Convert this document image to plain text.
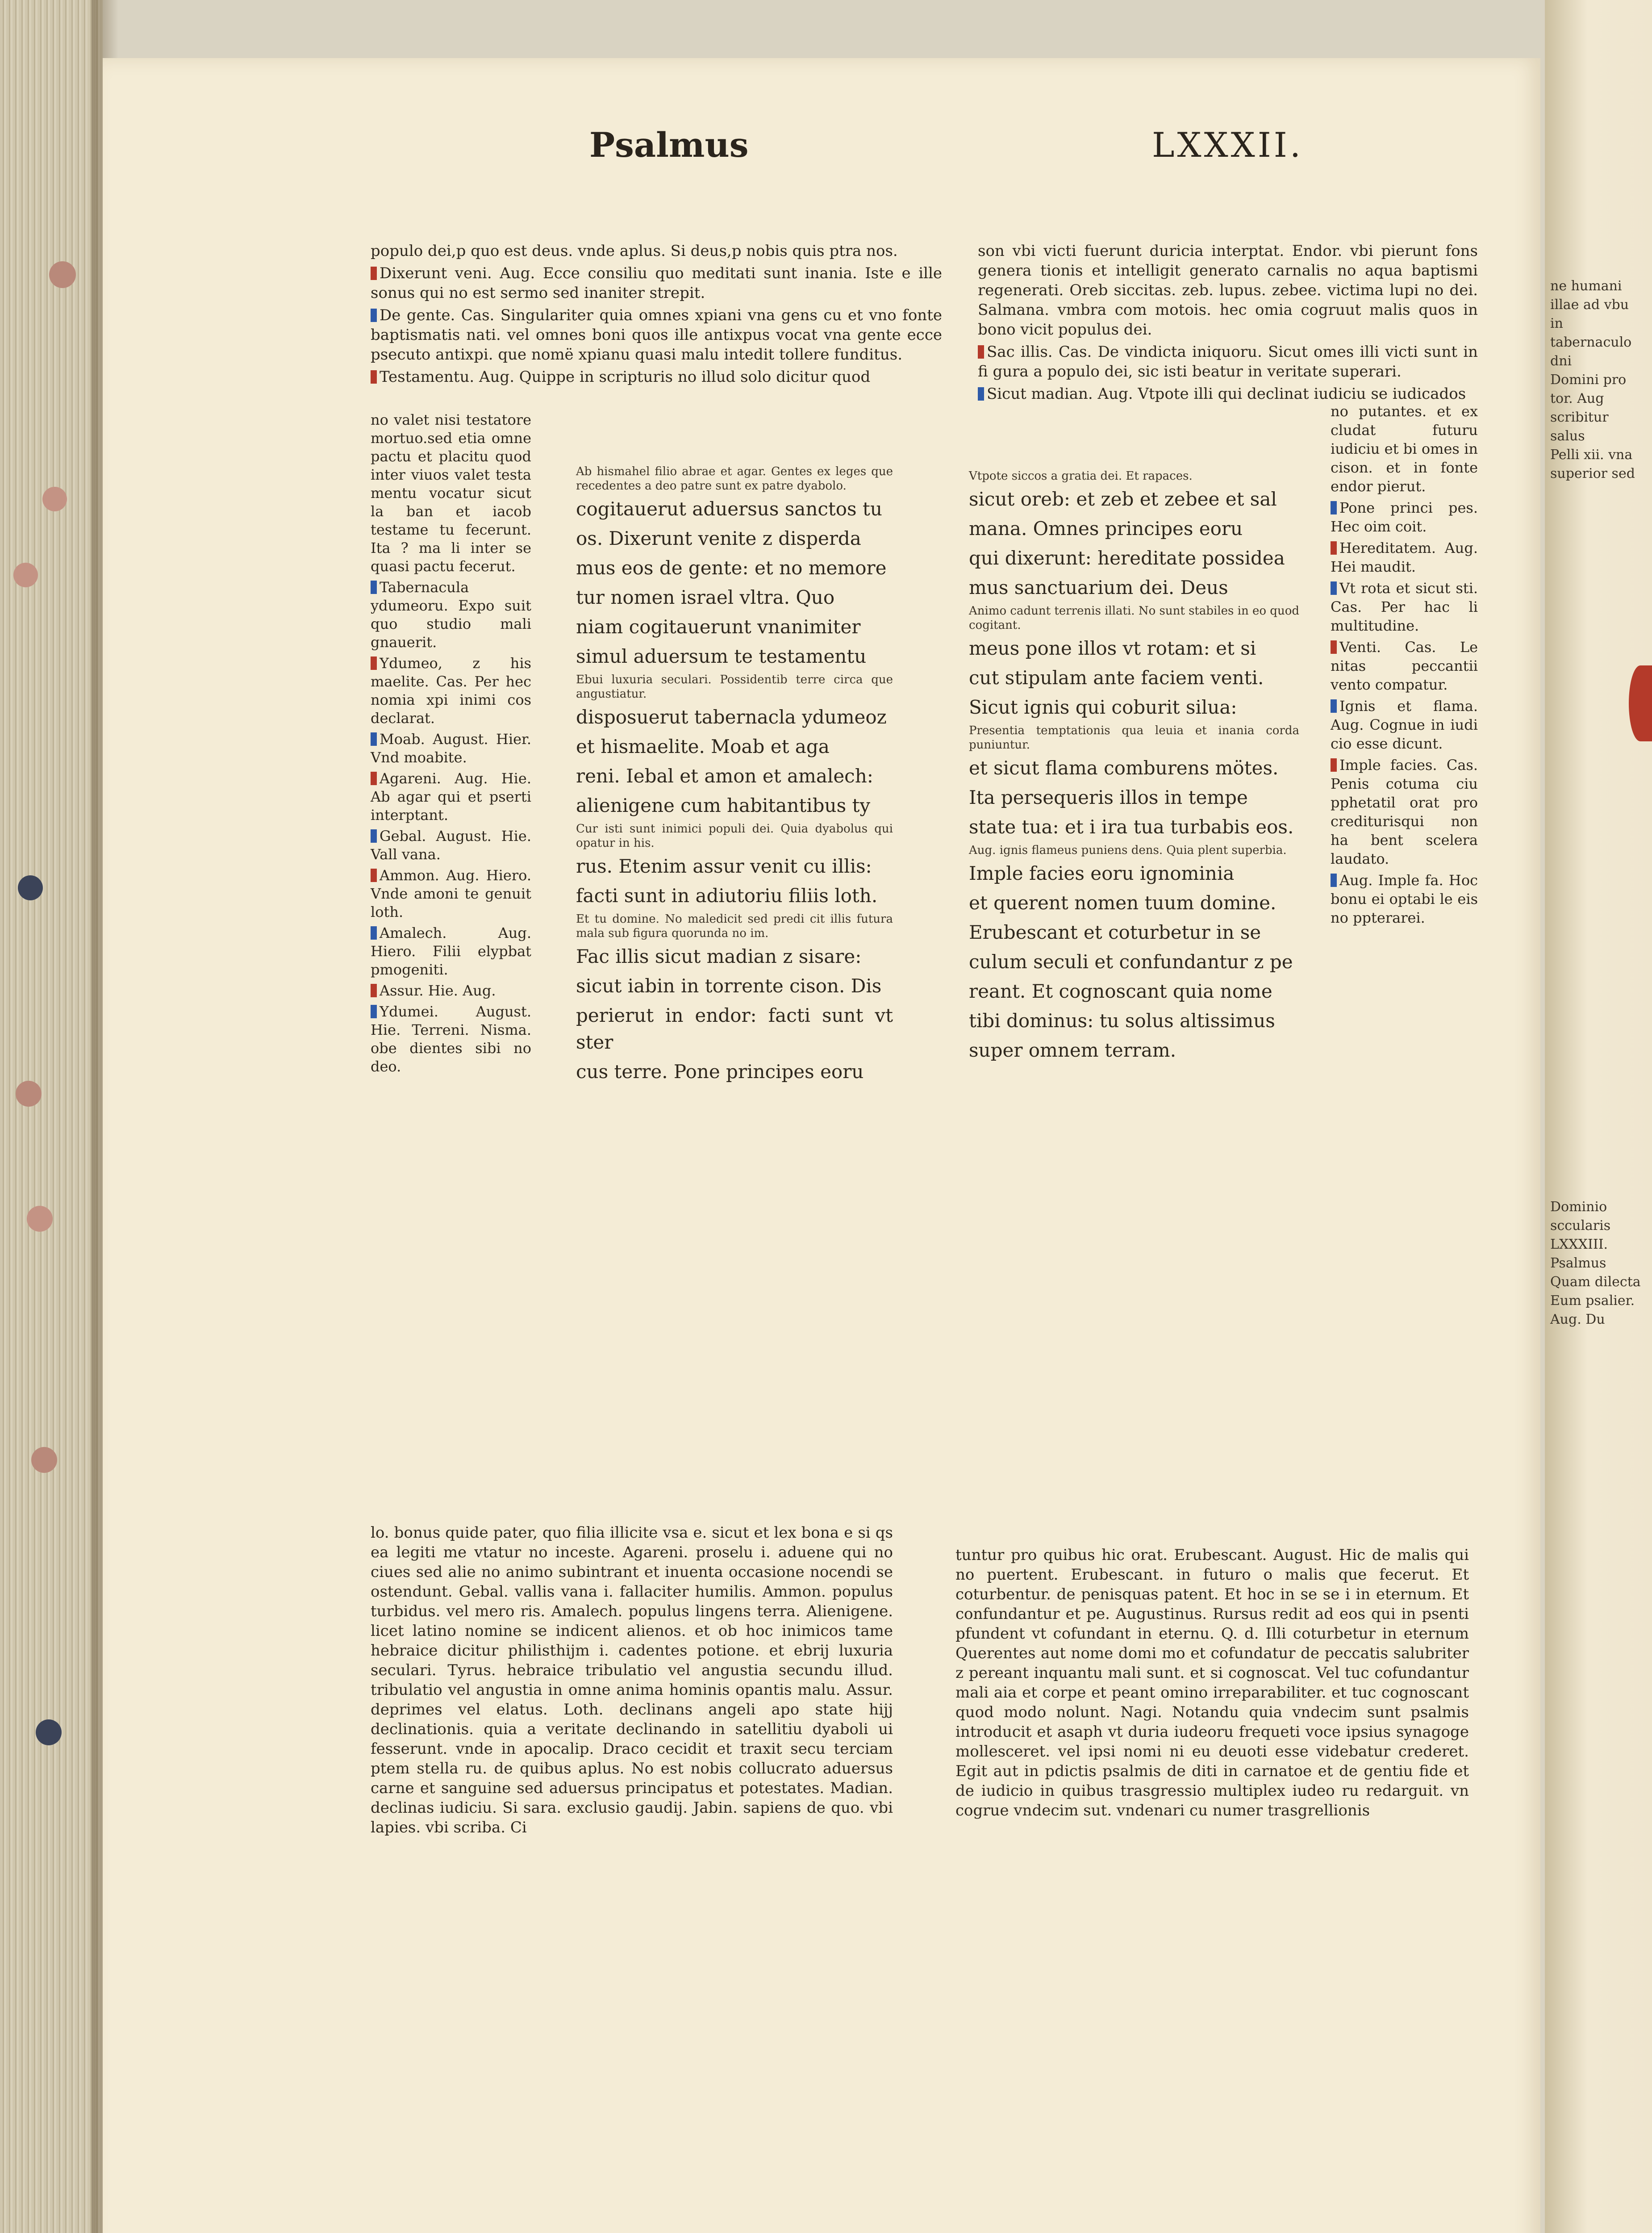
Psalmus	LXXXII.

populo dei,p quo est deus. vnde aplus. Si deus,p nobis quis ptra nos.

Dixerunt veni. Aug. Ecce consiliu quo meditati sunt inania. Iste e ille sonus qui no est sermo sed inaniter strepit.

De gente. Cas. Singulariter quia omnes xpiani vna gens cu et vno fonte baptismatis nati. vel omnes boni quos ille antixpus vocat vna gente ecce psecuto antixpi. que nomë xpianu quasi malu intedit tollere funditus.

Testamentu. Aug. Quippe in scripturis no illud solo dicitur quod

son vbi victi fuerunt duricia interptat. Endor. vbi pierunt fons genera tionis et intelligit generato carnalis no aqua baptismi regenerati. Oreb siccitas. zeb. lupus. zebee. victima lupi no dei. Salmana. vmbra com motois. hec omia cogruut malis quos in bono vicit populus dei.

Sac illis. Cas. De vindicta iniquoru. Sicut omes illi victi sunt in fi gura a populo dei, sic isti beatur in veritate superari.

Sicut madian. Aug. Vtpote illi qui declinat iudiciu se iudicados

no valet nisi testatore mortuo.sed etia omne pactu et placitu quod inter viuos valet testa mentu vocatur sicut la ban et iacob testame tu fecerunt. Ita ? ma li inter se quasi pactu fecerut.

Tabernacula ydumeoru. Expo suit quo studio mali gnauerit.

Ydumeo, z his maelite. Cas. Per hec nomia xpi inimi cos declarat.

Moab. August. Hier. Vnd moabite.

Agareni. Aug. Hie. Ab agar qui et pserti interptant.

Gebal. August. Hie. Vall vana.

Ammon. Aug. Hiero. Vnde amoni te genuit loth.

Amalech. Aug. Hiero. Filii elypbat pmogeniti.

Assur. Hie. Aug.

Ydumei. August. Hie. Terreni. Nisma. obe dientes sibi no deo.

Ab hismahel filio abrae et agar. Gentes ex leges que recedentes a deo patre sunt ex patre dyabolo.

cogitauerut aduersus sanctos tu

os. Dixerunt venite z disperda

mus eos de gente: et no memore

tur nomen israel vltra. Quo

niam cogitauerunt vnanimiter

simul aduersum te testamentu

Ebui luxuria seculari. Possidentib terre circa que angustiatur.

disposuerut tabernacla ydumeoz

et hismaelite. Moab et aga

reni. Iebal et amon et amalech:

alienigene cum habitantibus ty

Cur isti sunt inimici populi dei. Quia dyabolus qui opatur in his.

rus. Etenim assur venit cu illis:

facti sunt in adiutoriu filiis loth.

Et tu domine. No maledicit sed predi cit illis futura mala sub figura quorunda no im.

Fac illis sicut madian z sisare:

sicut iabin in torrente cison. Dis

perierut in endor: facti sunt vt ster

cus terre. Pone principes eoru

Vtpote siccos a gratia dei. Et rapaces.

sicut oreb: et zeb et zebee et sal

mana. Omnes principes eoru

qui dixerunt: hereditate possidea

mus sanctuarium dei. Deus

Animo cadunt terrenis illati. No sunt stabiles in eo quod cogitant.

meus pone illos vt rotam: et si

cut stipulam ante faciem venti.

Sicut ignis qui coburit silua:

Presentia temptationis qua leuia et inania corda puniuntur.

et sicut flama comburens mötes.

Ita persequeris illos in tempe

state tua: et i ira tua turbabis eos.

Aug. ignis flameus puniens dens. Quia plent superbia.

Imple facies eoru ignominia

et querent nomen tuum domine.

Erubescant et coturbetur in se

culum seculi et confundantur z pe

reant. Et cognoscant quia nome

tibi dominus: tu solus altissimus

super omnem terram.

no putantes. et ex cludat futuru iudiciu et bi omes in cison. et in fonte endor pierut.

Pone princi pes. Hec oim coit.

Hereditatem. Aug. Hei maudit.

Vt rota et sicut sti. Cas. Per hac li multitudine.

Venti. Cas. Le nitas peccantii vento compatur.

Ignis et flama. Aug. Cognue in iudi cio esse dicunt.

Imple facies. Cas. Penis cotuma ciu pphetatil orat pro crediturisqui non ha bent scelera laudato.

Aug. Imple fa. Hoc bonu ei optabi le eis no ppterarei.

lo. bonus quide pater, quo filia illicite vsa e. sicut et lex bona e si qs ea legiti me vtatur no inceste. Agareni. proselu i. aduene qui no ciues sed alie no animo subintrant et inuenta occasione nocendi se ostendunt. Gebal. vallis vana i. fallaciter humilis. Ammon. populus turbidus. vel mero ris. Amalech. populus lingens terra. Alienigene. licet latino nomine se indicent alienos. et ob hoc inimicos tame hebraice dicitur philisthijm i. cadentes potione. et ebrij luxuria seculari. Tyrus. hebraice tribulatio vel angustia secundu illud. tribulatio vel angustia in omne anima hominis opantis malu. Assur. deprimes vel elatus. Loth. declinans angeli apo state hijj declinationis. quia a veritate declinando in satellitiu dyaboli ui fesserunt. vnde in apocalip. Draco cecidit et traxit secu terciam ptem stella ru. de quibus aplus. No est nobis collucrato aduersus carne et sanguine sed aduersus principatus et potestates. Madian. declinas iudiciu. Si sara. exclusio gaudij. Jabin. sapiens de quo. vbi lapies. vbi scriba. Ci

tuntur pro quibus hic orat. Erubescant. August. Hic de malis qui no puertent. Erubescant. in futuro o malis que fecerut. Et coturbentur. de penisquas patent. Et hoc in se se i in eternum. Et confundantur et pe. Augustinus. Rursus redit ad eos qui in psenti pfundent vt cofundant in eternu. Q. d. Illi coturbetur in eternum Querentes aut nome domi mo et cofundatur de peccatis salubriter z pereant inquantu mali sunt. et si cognoscat. Vel tuc cofundantur mali aia et corpe et peant omino irreparabiliter. et tuc cognoscant quod modo nolunt. Nagi. Notandu quia vndecim sunt psalmis introducit et asaph vt duria iudeoru frequeti voce ipsius synagoge mollesceret. vel ipsi nomi ni eu deuoti esse videbatur crederet. Egit aut in pdictis psalmis de diti in carnatoe et de gentiu fide et de iudicio in quibus trasgressio multiplex iudeo ru redarguit. vn cogrue vndecim sut. vndenari cu numer trasgrellionis

ne humani illae ad vbu

in tabernaculo dni

Domini pro tor. Aug

scribitur salus

Pelli xii. vna

superior sed

Dominio sccularis

LXXXIII.

Psalmus

Quam dilecta

Eum psalier. Aug. Du
